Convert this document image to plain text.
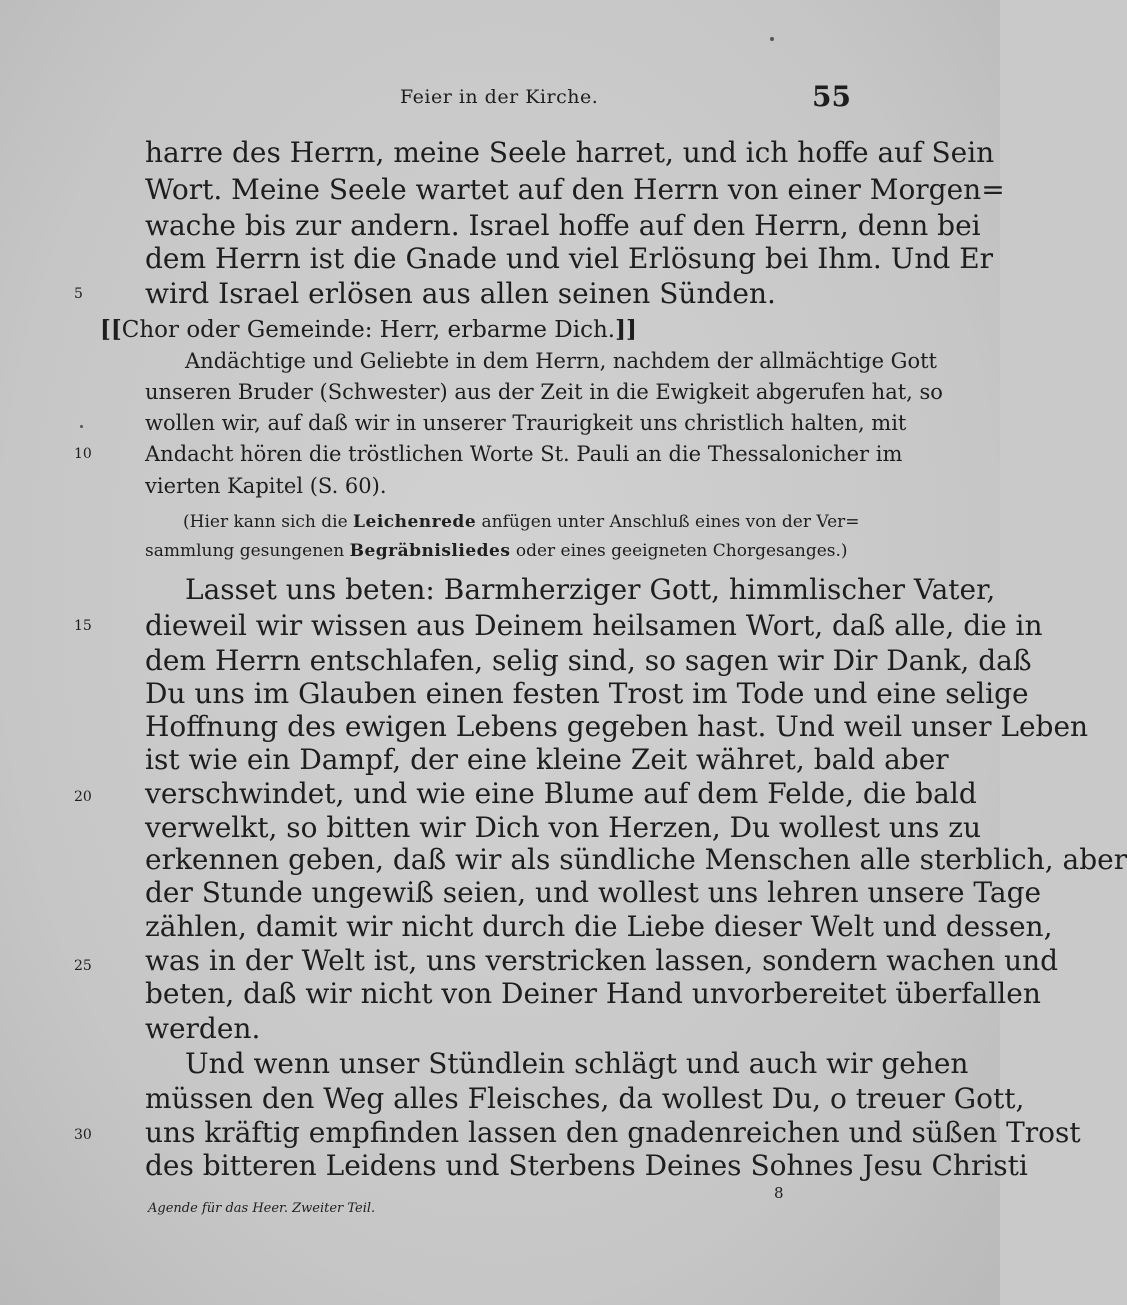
Feier in der Kirche.	55
harre des Herrn, meine Seele harret, und ich hoffe auf Sein
Wort. Meine Seele wartet auf den Herrn von einer Morgen=
wache bis zur andern. Israel hoffe auf den Herrn, denn bei
dem Herrn ist die Gnade und viel Erlösung bei Ihm. Und Er
wird Israel erlösen aus allen seinen Sünden.
[[Chor oder Gemeinde: Herr, erbarme Dich.]]
Andächtige und Geliebte in dem Herrn, nachdem der allmächtige Gott
unseren Bruder (Schwester) aus der Zeit in die Ewigkeit abgerufen hat, so
wollen wir, auf daß wir in unserer Traurigkeit uns christlich halten, mit
Andacht hören die tröstlichen Worte St. Pauli an die Thessalonicher im
vierten Kapitel (S. 60).
(Hier kann sich die Leichenrede anfügen unter Anschluß eines von der Ver=
sammlung gesungenen Begräbnisliedes oder eines geeigneten Chorgesanges.)
Lasset uns beten: Barmherziger Gott, himmlischer Vater,
dieweil wir wissen aus Deinem heilsamen Wort, daß alle, die in
dem Herrn entschlafen, selig sind, so sagen wir Dir Dank, daß
Du uns im Glauben einen festen Trost im Tode und eine selige
Hoffnung des ewigen Lebens gegeben hast. Und weil unser Leben
ist wie ein Dampf, der eine kleine Zeit währet, bald aber
verschwindet, und wie eine Blume auf dem Felde, die bald
verwelkt, so bitten wir Dich von Herzen, Du wollest uns zu
erkennen geben, daß wir als sündliche Menschen alle sterblich, aber
der Stunde ungewiß seien, und wollest uns lehren unsere Tage
zählen, damit wir nicht durch die Liebe dieser Welt und dessen,
was in der Welt ist, uns verstricken lassen, sondern wachen und
beten, daß wir nicht von Deiner Hand unvorbereitet überfallen
werden.
Und wenn unser Stündlein schlägt und auch wir gehen
müssen den Weg alles Fleisches, da wollest Du, o treuer Gott,
uns kräftig empfinden lassen den gnadenreichen und süßen Trost
des bitteren Leidens und Sterbens Deines Sohnes Jesu Christi
5
10
15
20
25
30
Agende für das Heer. Zweiter Teil.
8
